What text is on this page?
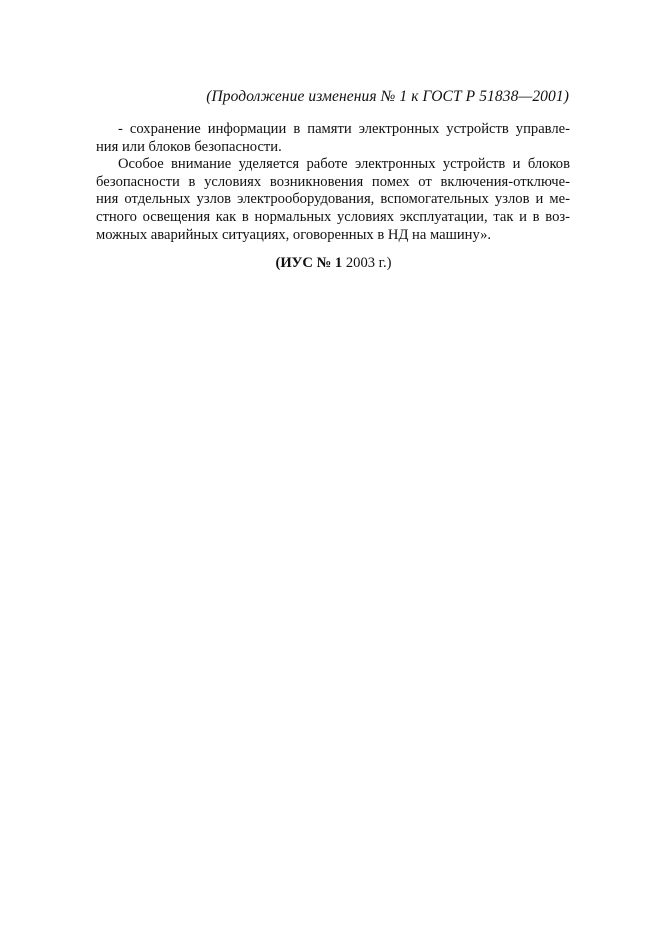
(Продолжение изменения № 1 к ГОСТ Р 51838—2001)
- сохранение информации в памяти электронных устройств управле-
ния или блоков безопасности.
Особое внимание уделяется работе электронных устройств и блоков
безопасности в условиях возникновения помех от включения-отключе-
ния отдельных узлов электрооборудования, вспомогательных узлов и ме-
стного освещения как в нормальных условиях эксплуатации, так и в воз-
можных аварийных ситуациях, оговоренных в НД на машину».
(ИУС № 1 2003 г.)
